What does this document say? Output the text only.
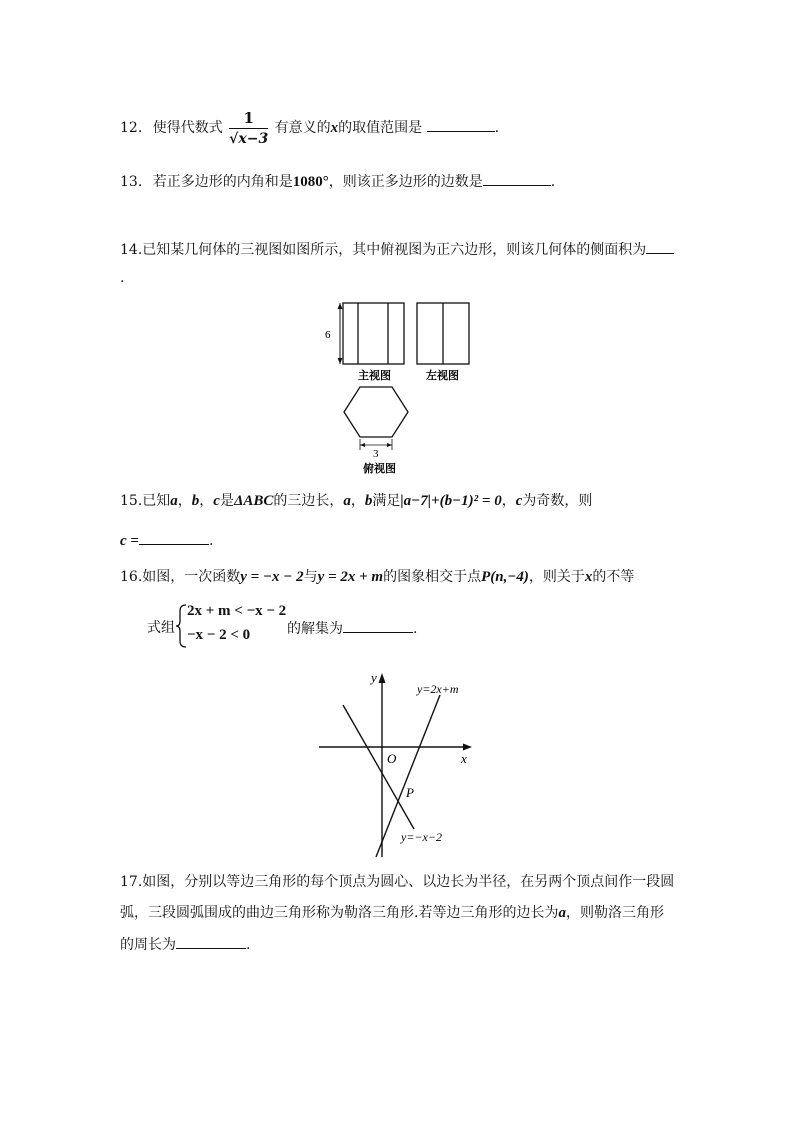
12. 使得代数式 $\frac{1}{√x-3}$ 有意义的x的取值范围是	.
13. 若正多边形的内角和是1080°，则该正多边形的边数是	.
14.已知某几何体的三视图如图所示，其中俯视图为正六边形，则该几何体的侧面积为
.
6
主视图	左视图
3
俯视图
15.已知a，b，c是ΔABC的三边长，a，b满足|a−7|+(b−1)² = 0，c为奇数，则
c =	.
16.如图，一次函数y = −x − 2与y = 2x + m的图象相交于点P(n,−4)，则关于x的不等
式组
2x + m < −x − 2
−x − 2 < 0	的解集为	.
y
x
O
P
y=2x+m
y=−x−2
17.如图，分别以等边三角形的每个顶点为圆心、以边长为半径，在另两个顶点间作一段圆
弧，三段圆弧围成的曲边三角形称为勒洛三角形.若等边三角形的边长为a，则勒洛三角形
的周长为	.
